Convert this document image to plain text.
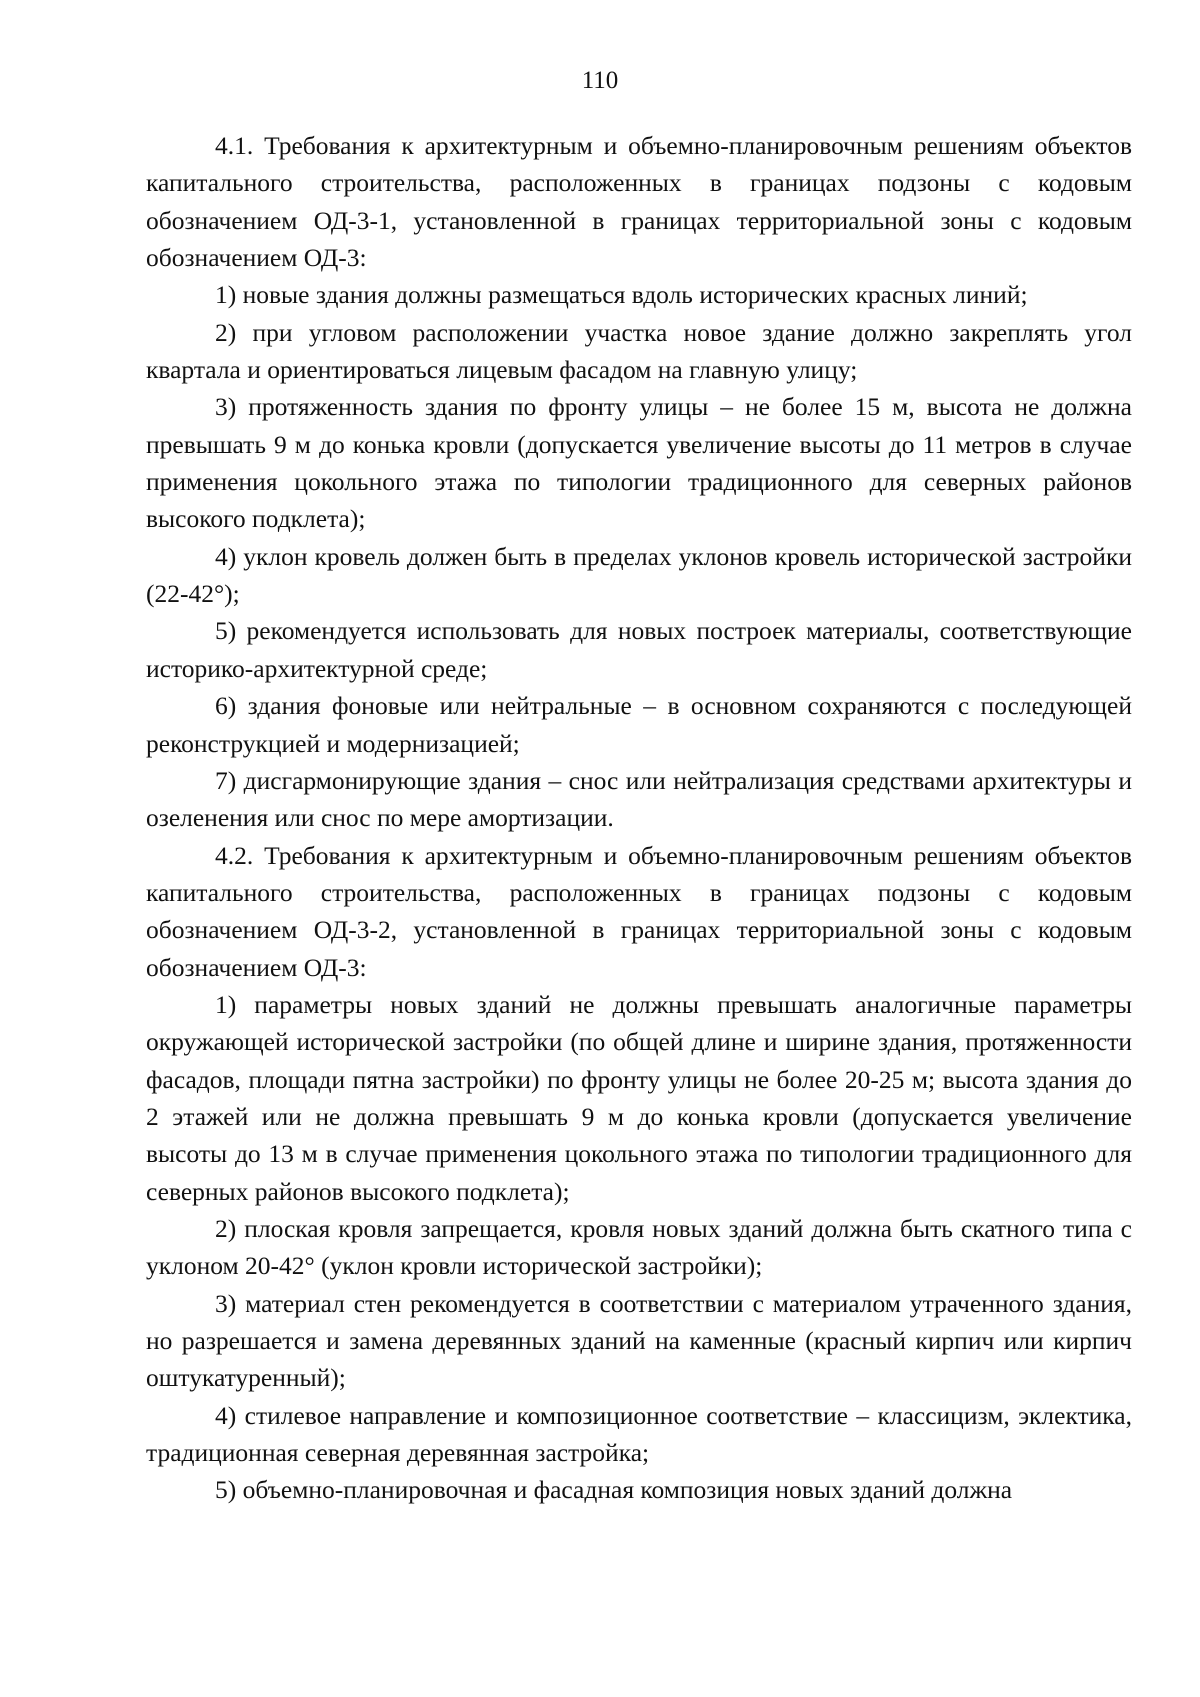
110

4.1. Требования к архитектурным и объемно-планировочным решениям объектов капитального строительства, расположенных в границах подзоны с кодовым обозначением ОД-3-1, установленной в границах территориальной зоны с кодовым обозначением ОД-3:

1) новые здания должны размещаться вдоль исторических красных линий;

2) при угловом расположении участка новое здание должно закреплять угол квартала и ориентироваться лицевым фасадом на главную улицу;

3) протяженность здания по фронту улицы – не более 15 м, высота не должна превышать 9 м до конька кровли (допускается увеличение высоты до 11 метров в случае применения цокольного этажа по типологии традиционного для северных районов высокого подклета);

4) уклон кровель должен быть в пределах уклонов кровель исторической застройки (22-42°);

5) рекомендуется использовать для новых построек материалы, соответствующие историко-архитектурной среде;

6) здания фоновые или нейтральные – в основном сохраняются с последующей реконструкцией и модернизацией;

7) дисгармонирующие здания – снос или нейтрализация средствами архитектуры и озеленения или снос по мере амортизации.

4.2. Требования к архитектурным и объемно-планировочным решениям объектов капитального строительства, расположенных в границах подзоны с кодовым обозначением ОД-3-2, установленной в границах территориальной зоны с кодовым обозначением ОД-3:

1) параметры новых зданий не должны превышать аналогичные параметры окружающей исторической застройки (по общей длине и ширине здания, протяженности фасадов, площади пятна застройки) по фронту улицы не более 20-25 м; высота здания до 2 этажей или не должна превышать 9 м до конька кровли (допускается увеличение высоты до 13 м в случае применения цокольного этажа по типологии традиционного для северных районов высокого подклета);

2) плоская кровля запрещается, кровля новых зданий должна быть скатного типа с уклоном 20-42° (уклон кровли исторической застройки);

3) материал стен рекомендуется в соответствии с материалом утраченного здания, но разрешается и замена деревянных зданий на каменные (красный кирпич или кирпич оштукатуренный);

4) стилевое направление и композиционное соответствие – классицизм, эклектика, традиционная северная деревянная застройка;

5) объемно-планировочная и фасадная композиция новых зданий должна
